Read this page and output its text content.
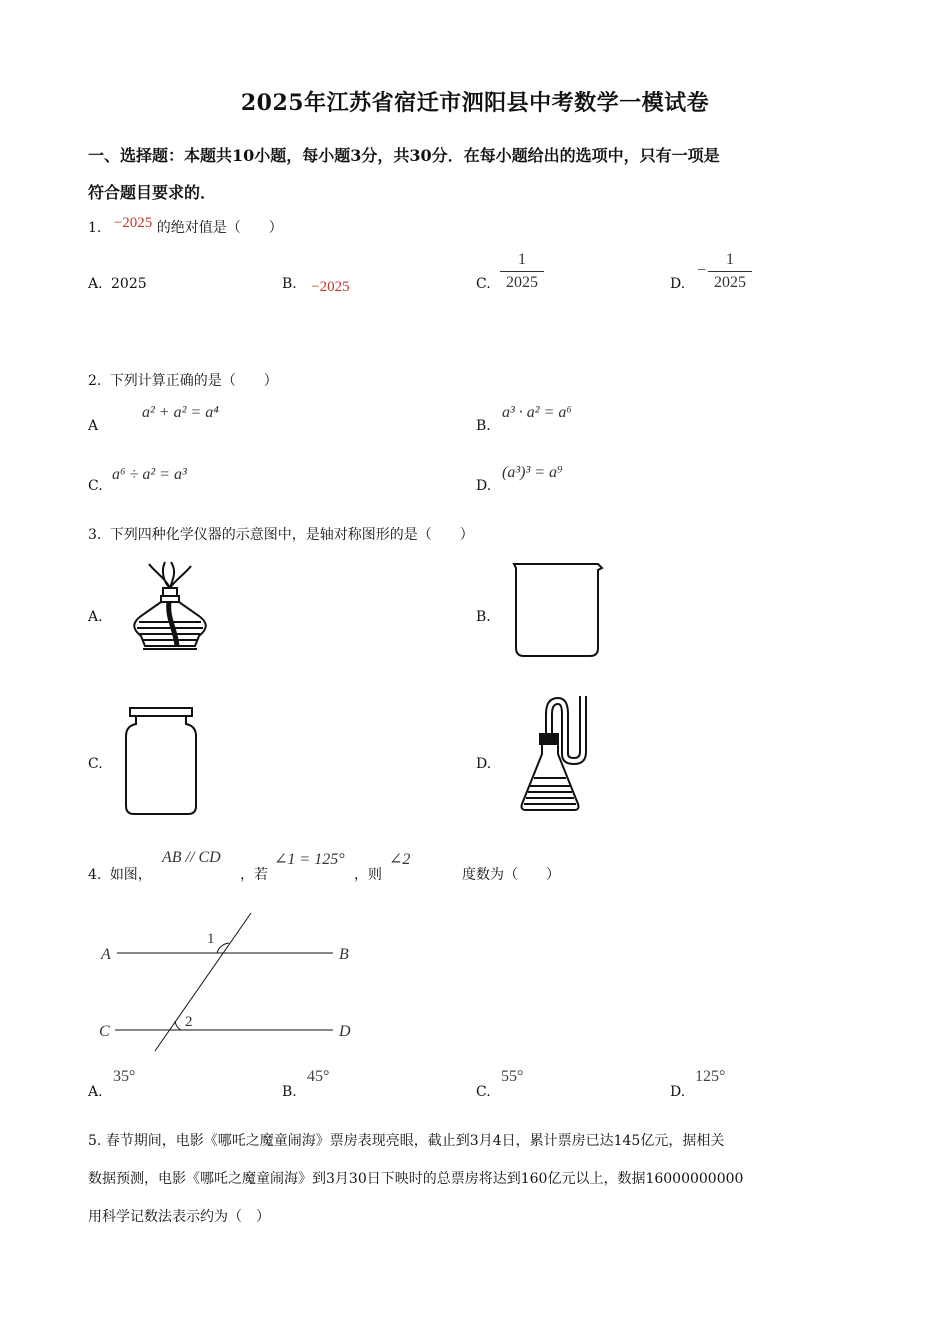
2025年江苏省宿迁市泗阳县中考数学一模试卷
一、选择题：本题共10小题，每小题3分，共30分．在每小题给出的选项中，只有一项是
符合题目要求的．
1. −2025 的绝对值是（　　）
A. 2025	B. −2025	C.
1
2025	D.
−
1
2025
2. 下列计算正确的是（　　）
A
a² + a² = a⁴
B.
a³ · a² = a⁶
C.
a⁶ ÷ a² = a³
D.
(a³)³ = a⁹
3. 下列四种化学仪器的示意图中，是轴对称图形的是（　　）
A.	B.
C.	D.
4. 如图，
AB // CD
，若
∠1 = 125°
，则
∠2
度数为（　　）
A	B
C	D
1
2
A.
35°
B.
45°
C.
55°
D.
125°
5. 春节期间，电影《哪吒之魔童闹海》票房表现亮眼，截止到3月4日，累计票房已达145亿元，据相关
数据预测，电影《哪吒之魔童闹海》到3月30日下映时的总票房将达到160亿元以上，数据16000000000
用科学记数法表示约为（　）
